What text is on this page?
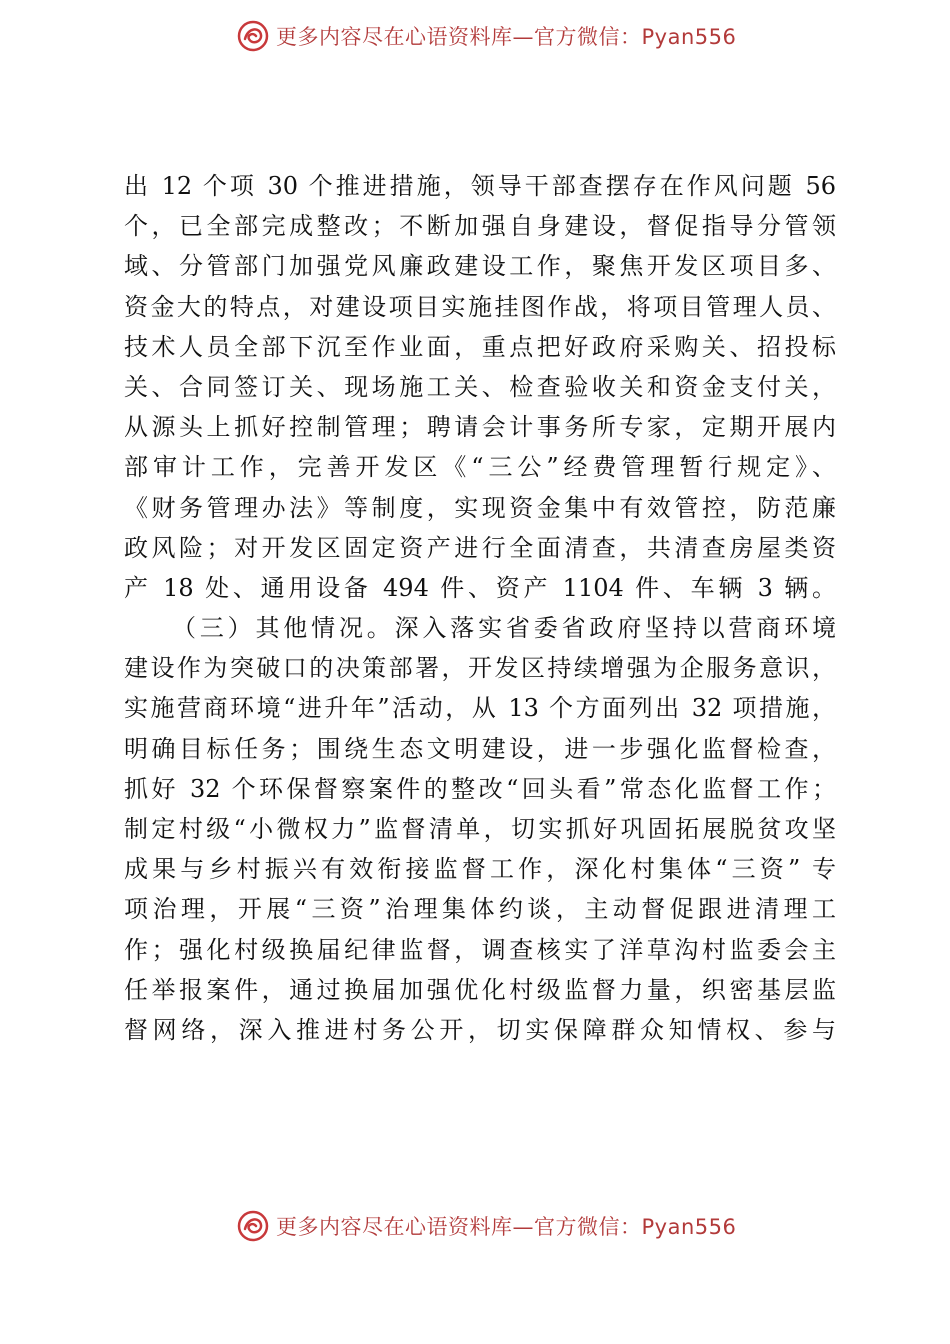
更多内容尽在心语资料库—官方微信：Pyan556
出 12 个项 30 个推进措施，领导干部查摆存在作风问题 56
个，已全部完成整改；不断加强自身建设，督促指导分管领
域、分管部门加强党风廉政建设工作，聚焦开发区项目多、
资金大的特点，对建设项目实施挂图作战，将项目管理人员、
技术人员全部下沉至作业面，重点把好政府采购关、招投标
关、合同签订关、现场施工关、检查验收关和资金支付关，
从源头上抓好控制管理；聘请会计事务所专家，定期开展内
部审计工作，完善开发区《“三公”经费管理暂行规定》、
《财务管理办法》等制度，实现资金集中有效管控，防范廉
政风险；对开发区固定资产进行全面清查，共清查房屋类资
产 18 处、通用设备 494 件、资产 1104 件、车辆 3 辆。
（三）其他情况。深入落实省委省政府坚持以营商环境
建设作为突破口的决策部署，开发区持续增强为企服务意识，
实施营商环境“进升年”活动，从 13 个方面列出 32 项措施，
明确目标任务；围绕生态文明建设，进一步强化监督检查，
抓好 32 个环保督察案件的整改“回头看”常态化监督工作；
制定村级“小微权力”监督清单，切实抓好巩固拓展脱贫攻坚
成果与乡村振兴有效衔接监督工作，深化村集体“三资” 专
项治理，开展“三资”治理集体约谈，主动督促跟进清理工
作；强化村级换届纪律监督，调查核实了洋草沟村监委会主
任举报案件，通过换届加强优化村级监督力量，织密基层监
督网络，深入推进村务公开，切实保障群众知情权、参与
更多内容尽在心语资料库—官方微信：Pyan556
